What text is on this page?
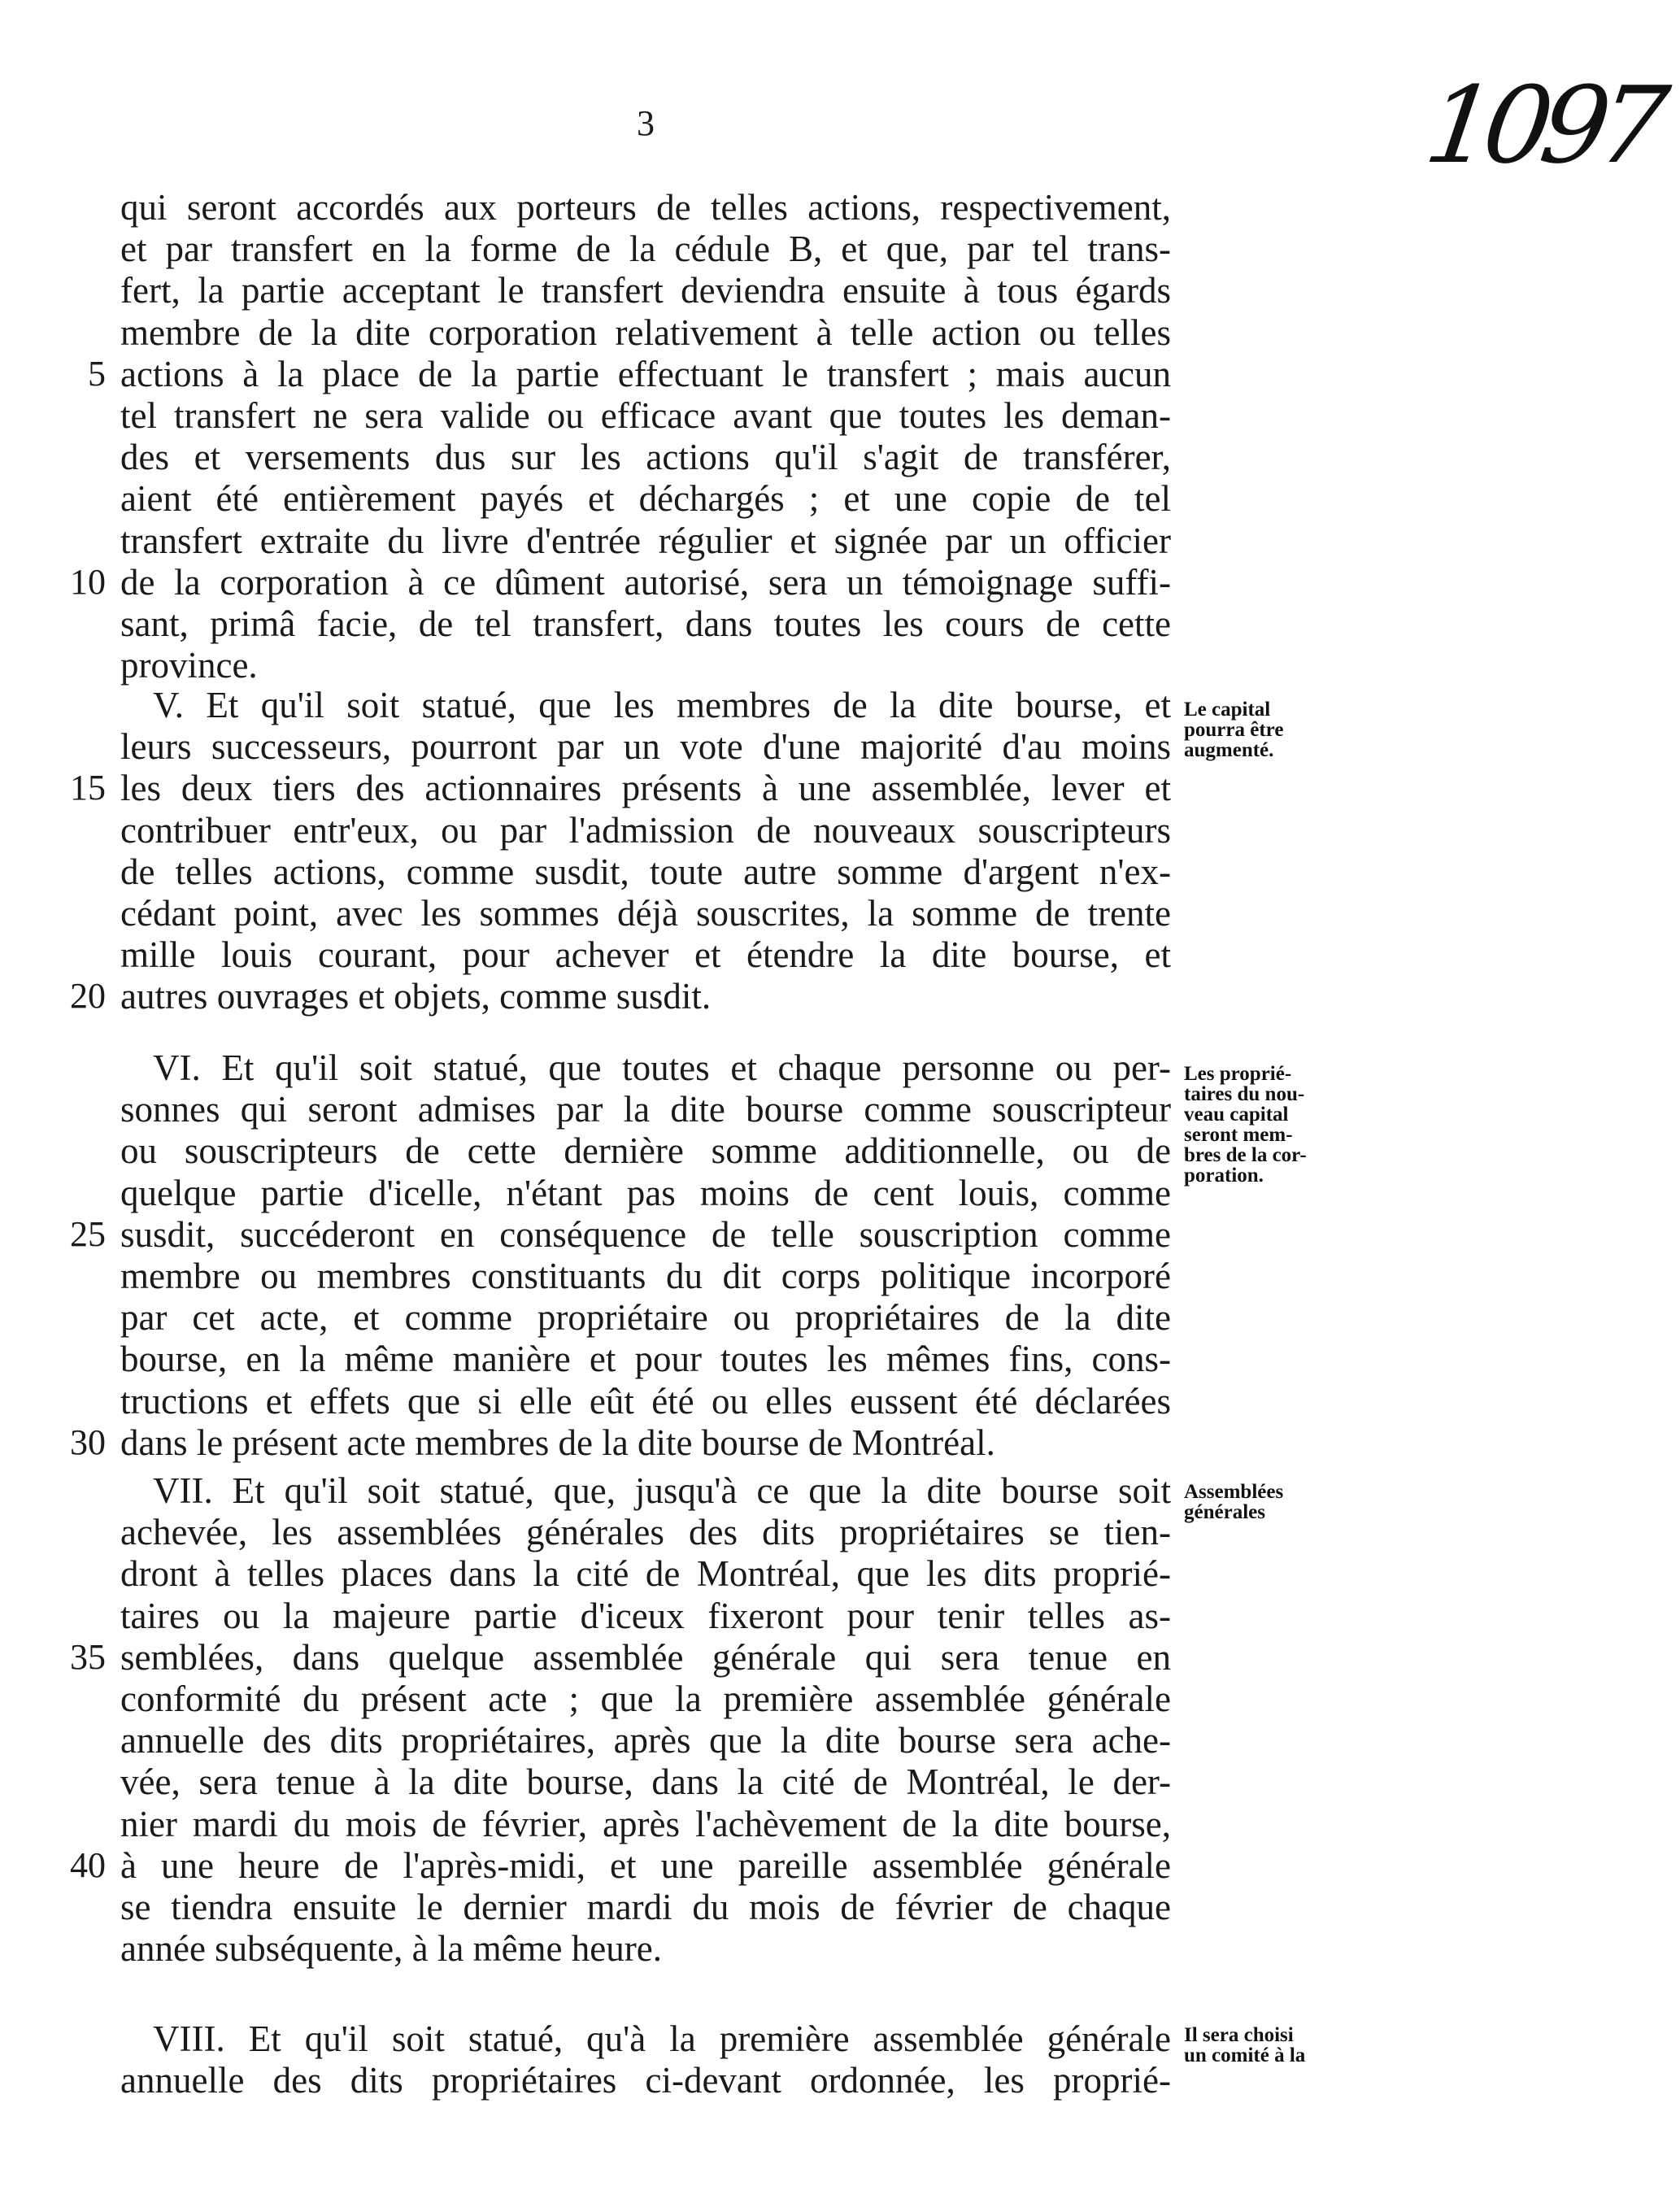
3	1097
qui seront accordés aux porteurs de telles actions, respectivement,
et par transfert en la forme de la cédule B, et que, par tel trans-
fert, la partie acceptant le transfert deviendra ensuite à tous égards
membre de la dite corporation relativement à telle action ou telles
actions à la place de la partie effectuant le transfert ; mais aucun
5
tel transfert ne sera valide ou efficace avant que toutes les deman-
des et versements dus sur les actions qu'il s'agit de transférer,
aient été entièrement payés et déchargés ; et une copie de tel
transfert extraite du livre d'entrée régulier et signée par un officier
de la corporation à ce dûment autorisé, sera un témoignage suffi-
10
sant, primâ facie, de tel transfert, dans toutes les cours de cette
province.
V. Et qu'il soit statué, que les membres de la dite bourse, et
leurs successeurs, pourront par un vote d'une majorité d'au moins
les deux tiers des actionnaires présents à une assemblée, lever et
15
contribuer entr'eux, ou par l'admission de nouveaux souscripteurs
de telles actions, comme susdit, toute autre somme d'argent n'ex-
cédant point, avec les sommes déjà souscrites, la somme de trente
mille louis courant, pour achever et étendre la dite bourse, et
autres ouvrages et objets, comme susdit.
20
Le capital
pourra être
augmenté.
VI. Et qu'il soit statué, que toutes et chaque personne ou per-
sonnes qui seront admises par la dite bourse comme souscripteur
ou souscripteurs de cette dernière somme additionnelle, ou de
quelque partie d'icelle, n'étant pas moins de cent louis, comme
susdit, succéderont en conséquence de telle souscription comme
25
membre ou membres constituants du dit corps politique incorporé
par cet acte, et comme propriétaire ou propriétaires de la dite
bourse, en la même manière et pour toutes les mêmes fins, cons-
tructions et effets que si elle eût été ou elles eussent été déclarées
dans le présent acte membres de la dite bourse de Montréal.
30
Les proprié-
taires du nou-
veau capital
seront mem-
bres de la cor-
poration.
VII. Et qu'il soit statué, que, jusqu'à ce que la dite bourse soit
achevée, les assemblées générales des dits propriétaires se tien-
dront à telles places dans la cité de Montréal, que les dits proprié-
taires ou la majeure partie d'iceux fixeront pour tenir telles as-
semblées, dans quelque assemblée générale qui sera tenue en
35
conformité du présent acte ; que la première assemblée générale
annuelle des dits propriétaires, après que la dite bourse sera ache-
vée, sera tenue à la dite bourse, dans la cité de Montréal, le der-
nier mardi du mois de février, après l'achèvement de la dite bourse,
à une heure de l'après-midi, et une pareille assemblée générale
40
se tiendra ensuite le dernier mardi du mois de février de chaque
année subséquente, à la même heure.
Assemblées
générales
VIII. Et qu'il soit statué, qu'à la première assemblée générale
annuelle des dits propriétaires ci-devant ordonnée, les proprié-
Il sera choisi
un comité à la
